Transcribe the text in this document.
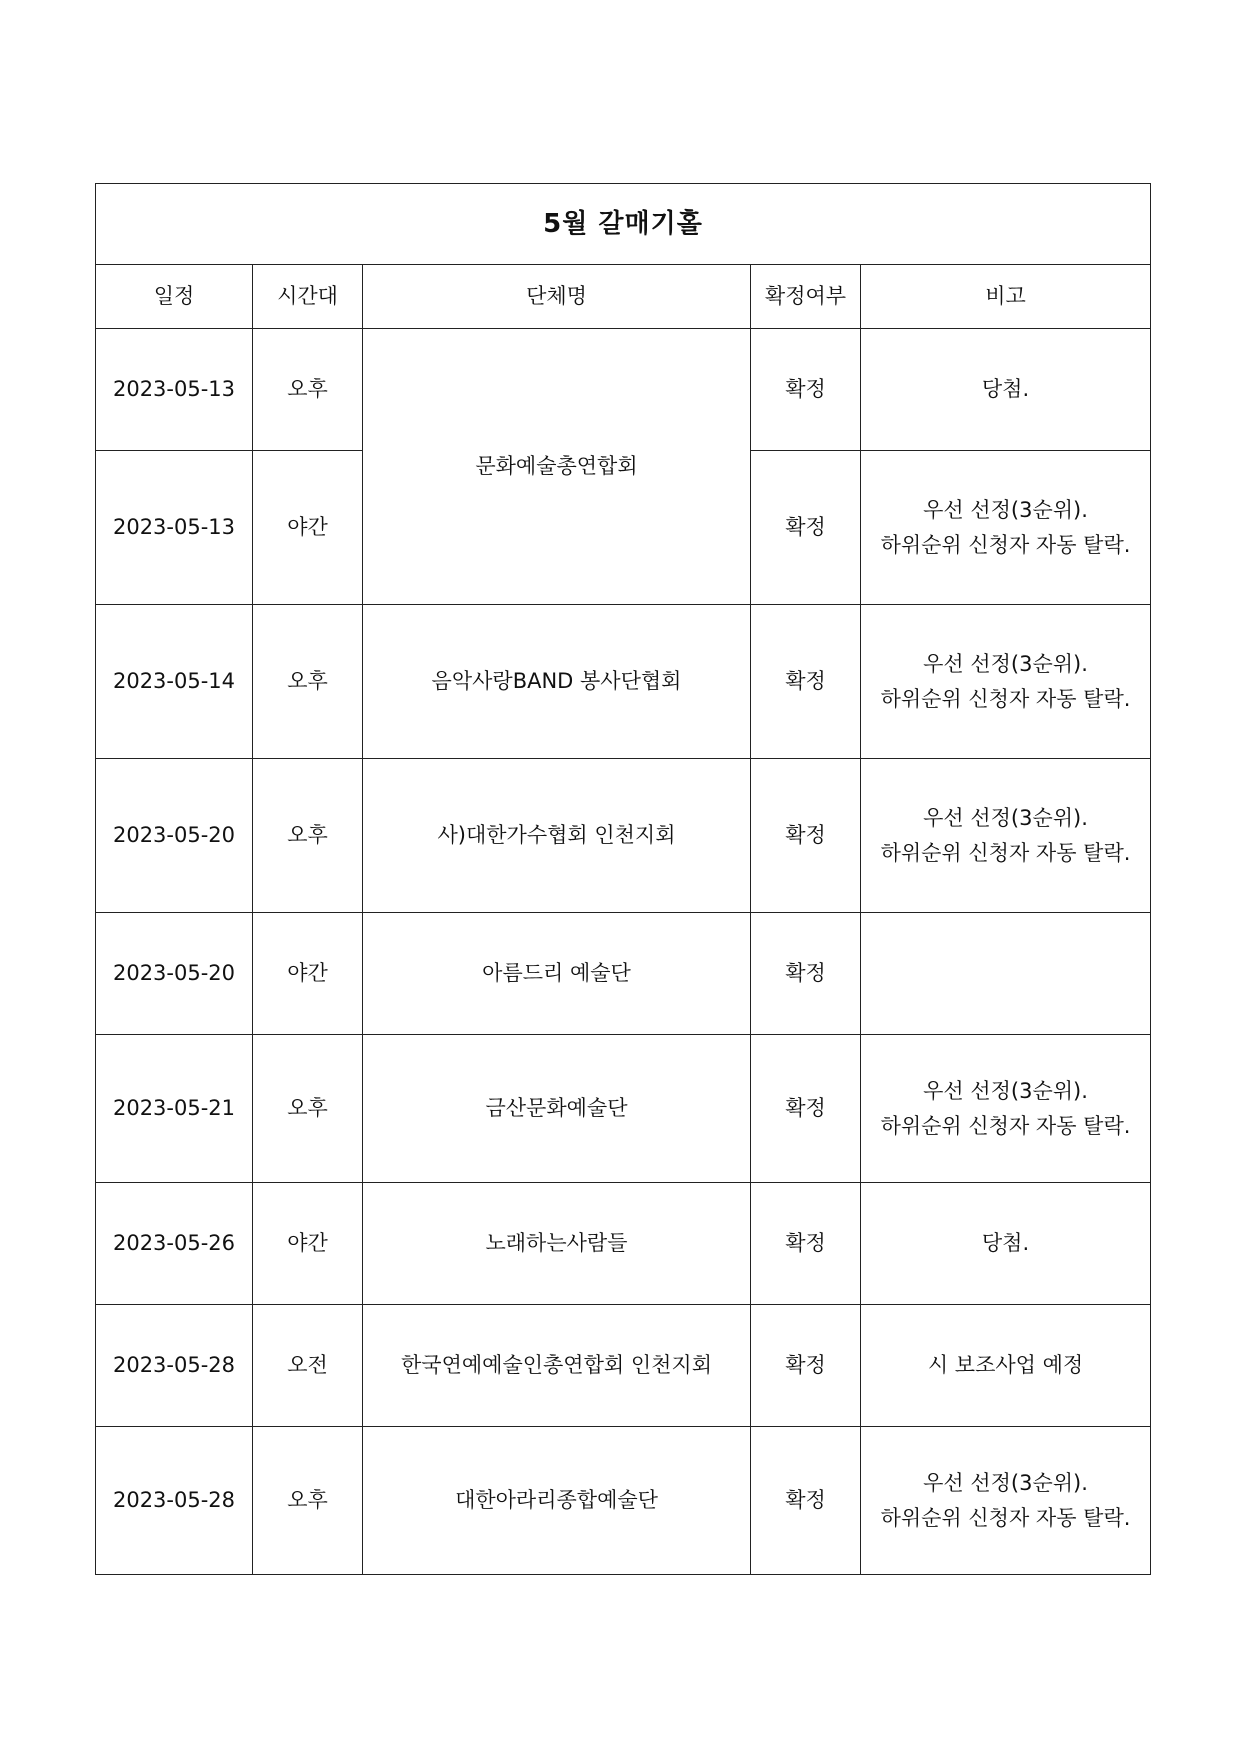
5월 갈매기홀				
일정	시간대	단체명	확정여부	비고
2023-05-13	오후	문화예술총연합회	확정	당첨.

2023-05-13	야간		확정	우선 선정(3순위).
하위순위 신청자 자동 탈락.

2023-05-14	오후	음악사랑BAND 봉사단협회	확정	우선 선정(3순위).
하위순위 신청자 자동 탈락.

2023-05-20	오후	사)대한가수협회 인천지회	확정	우선 선정(3순위).
하위순위 신청자 자동 탈락.

2023-05-20	야간	아름드리 예술단	확정	
2023-05-21	오후	금산문화예술단	확정	우선 선정(3순위).
하위순위 신청자 자동 탈락.

2023-05-26	야간	노래하는사람들	확정	당첨.

2023-05-28	오전	한국연예예술인총연합회 인천지회	확정	시 보조사업 예정

2023-05-28	오후	대한아라리종합예술단	확정	우선 선정(3순위).
하위순위 신청자 자동 탈락.
